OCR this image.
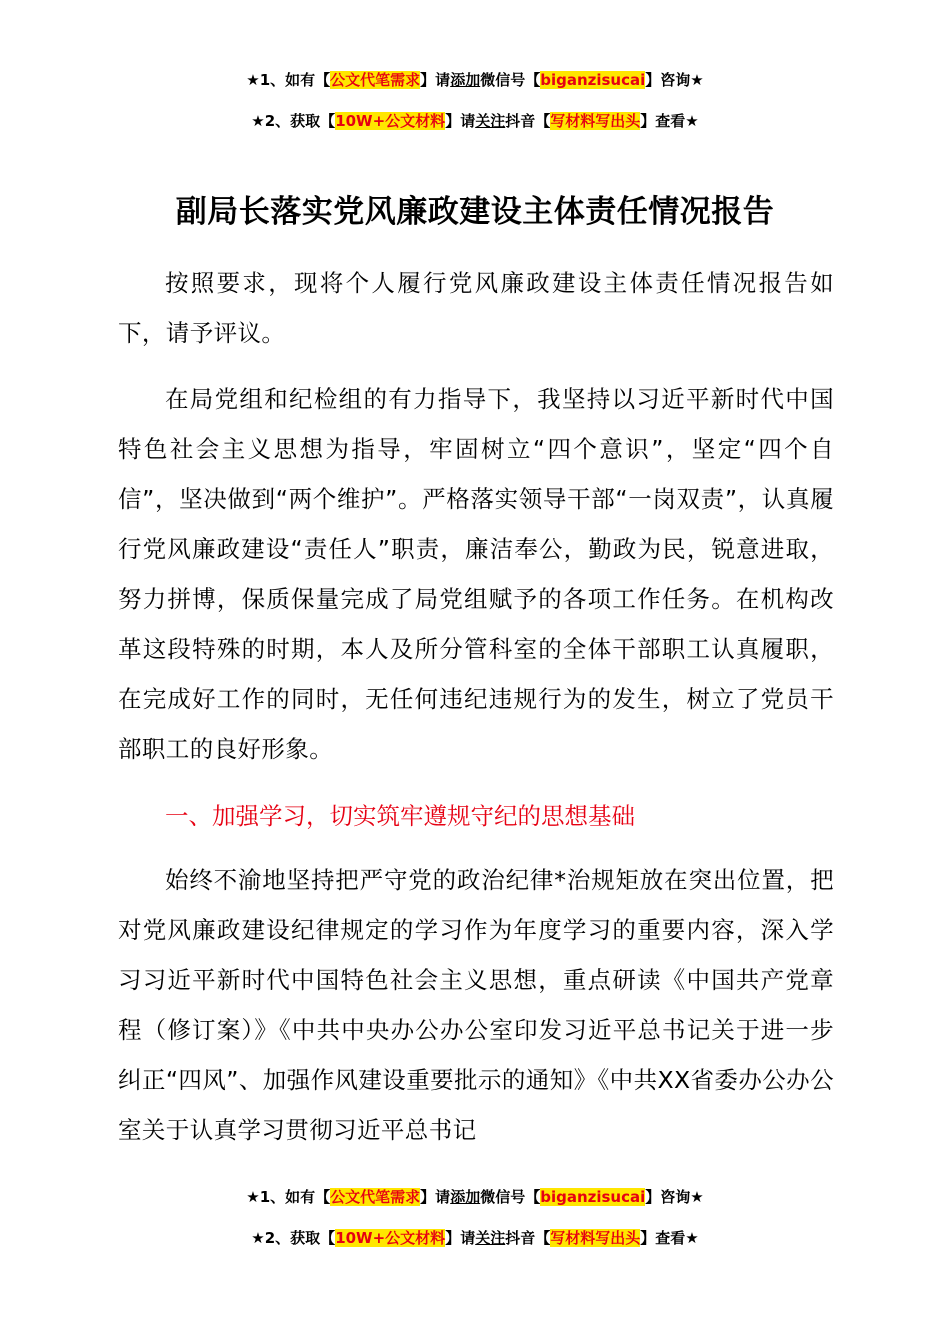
★1、如有【公文代笔需求】请添加微信号【biganzisucai】咨询★
★2、获取【10W+公文材料】请关注抖音【写材料写出头】查看★
副局长落实党风廉政建设主体责任情况报告
按照要求，现将个人履行党风廉政建设主体责任情况报告如下，请予评议。
在局党组和纪检组的有力指导下，我坚持以习近平新时代中国特色社会主义思想为指导，牢固树立“四个意识”，坚定“四个自信”，坚决做到“两个维护”。严格落实领导干部“一岗双责”，认真履行党风廉政建设“责任人”职责，廉洁奉公，勤政为民，锐意进取，努力拼博，保质保量完成了局党组赋予的各项工作任务。在机构改革这段特殊的时期，本人及所分管科室的全体干部职工认真履职，在完成好工作的同时，无任何违纪违规行为的发生，树立了党员干部职工的良好形象。
一、加强学习，切实筑牢遵规守纪的思想基础
始终不渝地坚持把严守党的政治纪律*治规矩放在突出位置，把对党风廉政建设纪律规定的学习作为年度学习的重要内容，深入学习习近平新时代中国特色社会主义思想，重点研读《中国共产党章程（修订案）》《中共中央办公办公室印发习近平总书记关于进一步纠正“四风”、加强作风建设重要批示的通知》《中共XX省委办公办公室关于认真学习贯彻习近平总书记
★1、如有【公文代笔需求】请添加微信号【biganzisucai】咨询★
★2、获取【10W+公文材料】请关注抖音【写材料写出头】查看★
